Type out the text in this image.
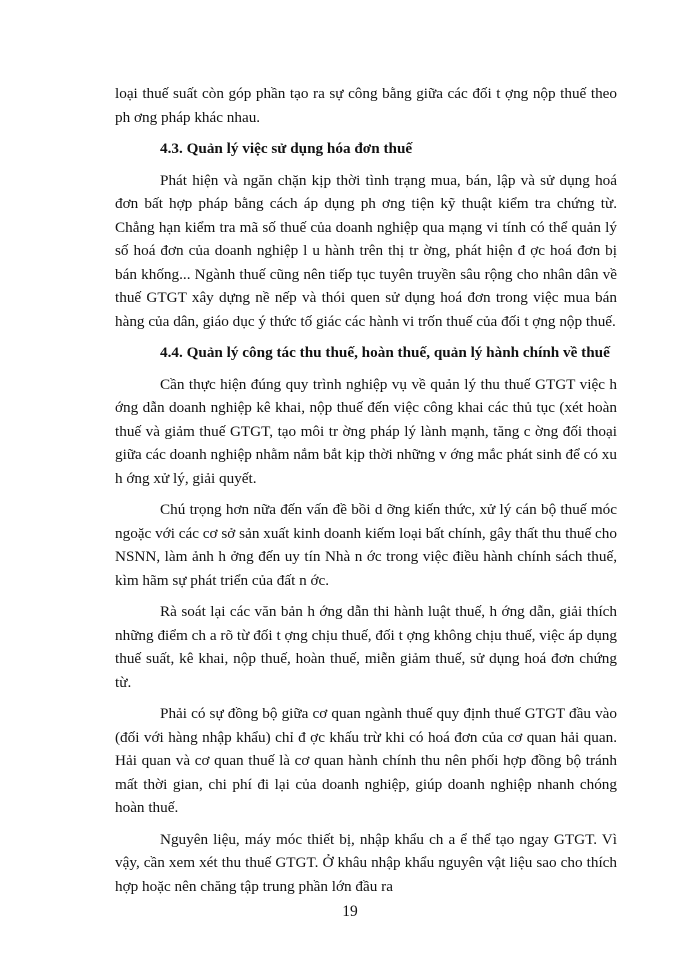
loại thuế suất còn góp phần tạo ra sự công bằng giữa các đối t ợng nộp thuế theo ph ơng pháp khác nhau.

4.3. Quản lý việc sử dụng hóa đơn thuế

Phát hiện và ngăn chặn kịp thời tình trạng mua, bán, lập và sử dụng hoá đơn bất hợp pháp bằng cách áp dụng ph ơng tiện kỹ thuật kiểm tra chứng từ. Chẳng hạn kiểm tra mã số thuế của doanh nghiệp qua mạng vi tính có thể quản lý số hoá đơn của doanh nghiệp l u hành trên thị tr ờng, phát hiện đ ợc hoá đơn bị bán khống... Ngành thuế cũng nên tiếp tục tuyên truyền sâu rộng cho nhân dân về thuế GTGT xây dựng nề nếp và thói quen sử dụng hoá đơn trong việc mua bán hàng của dân, giáo dục ý thức tố giác các hành vi trốn thuế của đối t ợng nộp thuế.

4.4. Quản lý công tác thu thuế, hoàn thuế, quản lý hành chính về thuế

Cần thực hiện đúng quy trình nghiệp vụ về quản lý thu thuế GTGT việc h ớng dẫn doanh nghiệp kê khai, nộp thuế đến việc công khai các thủ tục (xét hoàn thuế và giảm thuế GTGT, tạo môi tr ờng pháp lý lành mạnh, tăng c ờng đối thoại giữa các doanh nghiệp nhằm nắm bắt kịp thời những v ớng mắc phát sinh để có xu h ớng xử lý, giải quyết.

Chú trọng hơn nữa đến vấn đề bồi d ỡng kiến thức, xử lý cán bộ thuế móc ngoặc với các cơ sở sản xuất kinh doanh kiếm loại bất chính, gây thất thu thuế cho NSNN, làm ảnh h ởng đến uy tín Nhà n ớc trong việc điều hành chính sách thuế, kìm hãm sự phát triển của đất n ớc.

Rà soát lại các văn bản h ớng dẫn thi hành luật thuế, h ớng dẫn, giải thích những điểm ch a rõ từ đối t ợng chịu thuế, đối t ợng không chịu thuế, việc áp dụng thuế suất, kê khai, nộp thuế, hoàn thuế, miễn giảm thuế, sử dụng hoá đơn chứng từ.

Phải có sự đồng bộ giữa cơ quan ngành thuế quy định thuế GTGT đầu vào (đối với hàng nhập khẩu) chỉ đ ợc khấu trừ khi có hoá đơn của cơ quan hải quan. Hải quan và cơ quan thuế là cơ quan hành chính thu nên phối hợp đồng bộ tránh mất thời gian, chi phí đi lại của doanh nghiệp, giúp doanh nghiệp nhanh chóng hoàn thuế.

Nguyên liệu, máy móc thiết bị, nhập khẩu ch a ể thể tạo ngay GTGT. Vì vậy, cần xem xét thu thuế GTGT. Ở khâu nhập khẩu nguyên vật liệu sao cho thích hợp hoặc nên chăng tập trung phần lớn đầu ra

19
